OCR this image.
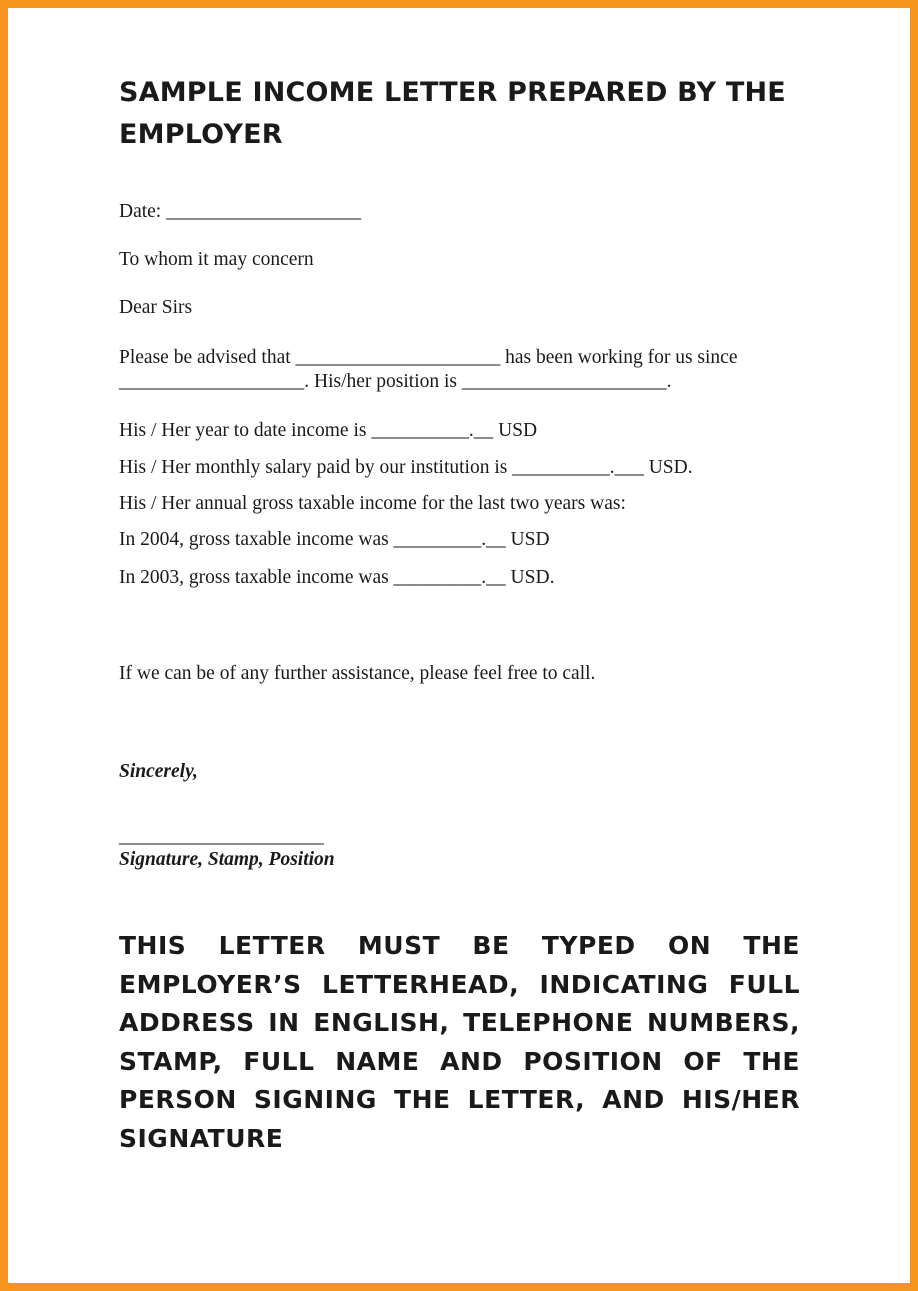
SAMPLE INCOME LETTER PREPARED BY THE EMPLOYER

Date: ____________________

To whom it may concern

Dear Sirs

Please be advised that _____________________ has been working for us since

___________________. His/her position is _____________________.

His / Her year to date income is __________.__ USD

His / Her monthly salary paid by our institution is __________.___ USD.

His / Her annual gross taxable income for the last two years was:

In 2004, gross taxable income was _________.__ USD

In 2003, gross taxable income was _________.__ USD.

If we can be of any further assistance, please feel free to call.

Sincerely,

_____________________

Signature, Stamp, Position

THIS LETTER MUST BE TYPED ON THE EMPLOYER’S LETTERHEAD, INDICATING FULL ADDRESS IN ENGLISH, TELEPHONE NUMBERS, STAMP, FULL NAME AND POSITION OF THE PERSON SIGNING THE LETTER, AND HIS/HER SIGNATURE
